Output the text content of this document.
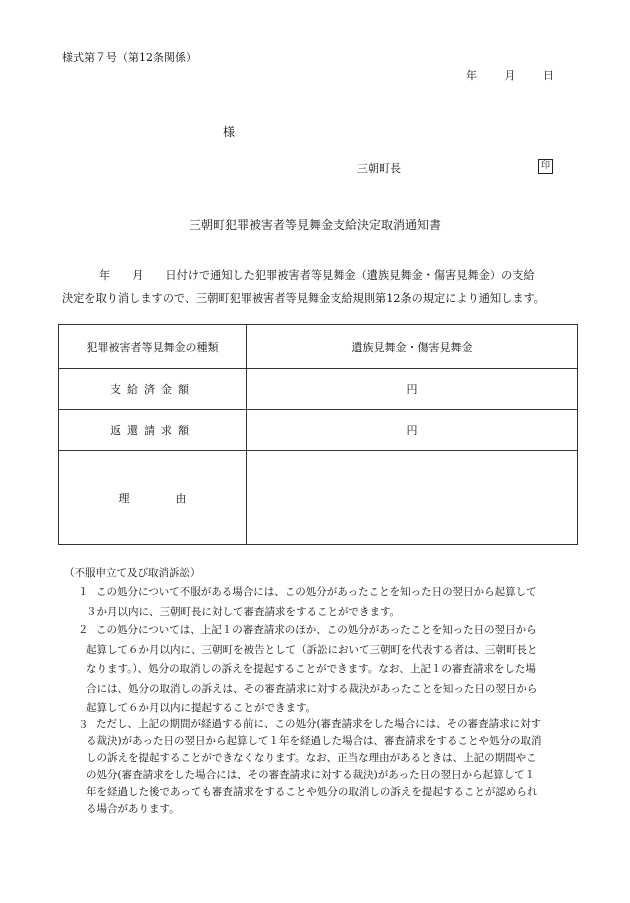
様式第７号（第12条関係）
年	月	日
様
三朝町長	印
三朝町犯罪被害者等見舞金支給決定取消通知書
年 月 日付けで通知した犯罪被害者等見舞金（遺族見舞金・傷害見舞金）の支給
決定を取り消しますので、三朝町犯罪被害者等見舞金支給規則第12条の規定により通知します。
犯罪被害者等見舞金の種類	遺族見舞金・傷害見舞金
支給済金額	円
返還請求額	円
理 由	
（不服申立て及び取消訴訟）
１ この処分について不服がある場合には、この処分があったことを知った日の翌日から起算して
３か月以内に、三朝町長に対して審査請求をすることができます。
２ この処分については、上記１の審査請求のほか、この処分があったことを知った日の翌日から
起算して６か月以内に、三朝町を被告として（訴訟において三朝町を代表する者は、三朝町長と
なります。）、処分の取消しの訴えを提起することができます。なお、上記１の審査請求をした場
合には、処分の取消しの訴えは、その審査請求に対する裁決があったことを知った日の翌日から
起算して６か月以内に提起することができます。
３ ただし、上記の期間が経過する前に、この処分(審査請求をした場合には、その審査請求に対す
る裁決)があった日の翌日から起算して１年を経過した場合は、審査請求をすることや処分の取消
しの訴えを提起することができなくなります。なお、正当な理由があるときは、上記の期間やこ
の処分(審査請求をした場合には、その審査請求に対する裁決)があった日の翌日から起算して１
年を経過した後であっても審査請求をすることや処分の取消しの訴えを提起することが認められ
る場合があります。
